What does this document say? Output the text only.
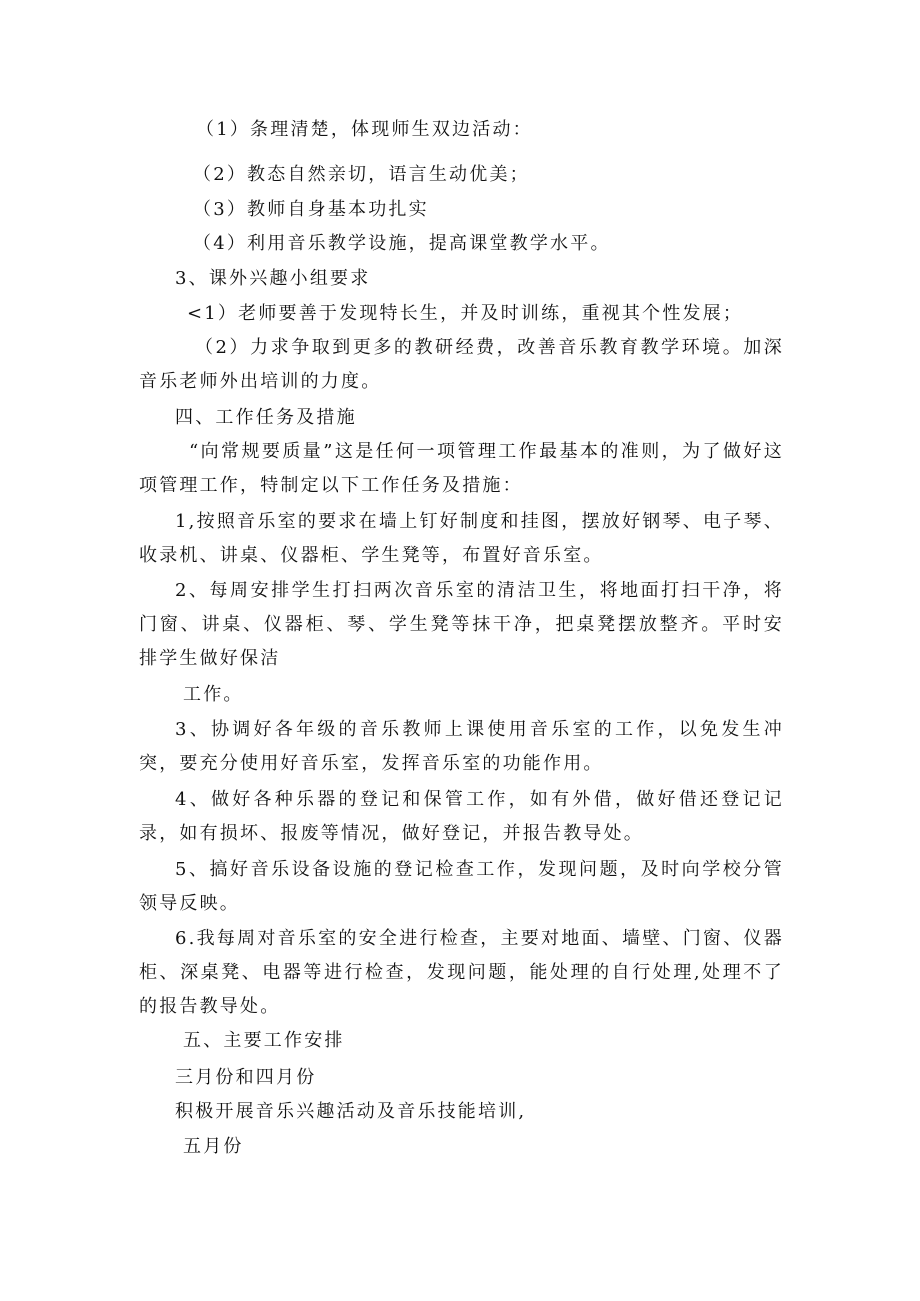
（1）条理清楚，体现师生双边活动：

（2）教态自然亲切，语言生动优美；

（3）教师自身基本功扎实

（4）利用音乐教学设施，提高课堂教学水平。

3、课外兴趣小组要求

<1）老师要善于发现特长生，并及时训练，重视其个性发展；

（2）力求争取到更多的教研经费，改善音乐教育教学环境。加深音乐老师外出培训的力度。

四、工作任务及措施

“向常规要质量”这是任何一项管理工作最基本的准则，为了做好这项管理工作，特制定以下工作任务及措施：

1,按照音乐室的要求在墙上钉好制度和挂图，摆放好钢琴、电子琴、收录机、讲桌、仪器柜、学生凳等，布置好音乐室。

2、每周安排学生打扫两次音乐室的清洁卫生，将地面打扫干净，将门窗、讲桌、仪器柜、琴、学生凳等抹干净，把桌凳摆放整齐。平时安排学生做好保洁

工作。

3、协调好各年级的音乐教师上课使用音乐室的工作，以免发生冲突，要充分使用好音乐室，发挥音乐室的功能作用。

4、做好各种乐器的登记和保管工作，如有外借，做好借还登记记录，如有损坏、报废等情况，做好登记，并报告教导处。

5、搞好音乐设备设施的登记检查工作，发现问题，及时向学校分管领导反映。

6.我每周对音乐室的安全进行检查，主要对地面、墙壁、门窗、仪器柜、深桌凳、电器等进行检查，发现问题，能处理的自行处理,处理不了的报告教导处。

五、主要工作安排

三月份和四月份

积极开展音乐兴趣活动及音乐技能培训,

五月份
